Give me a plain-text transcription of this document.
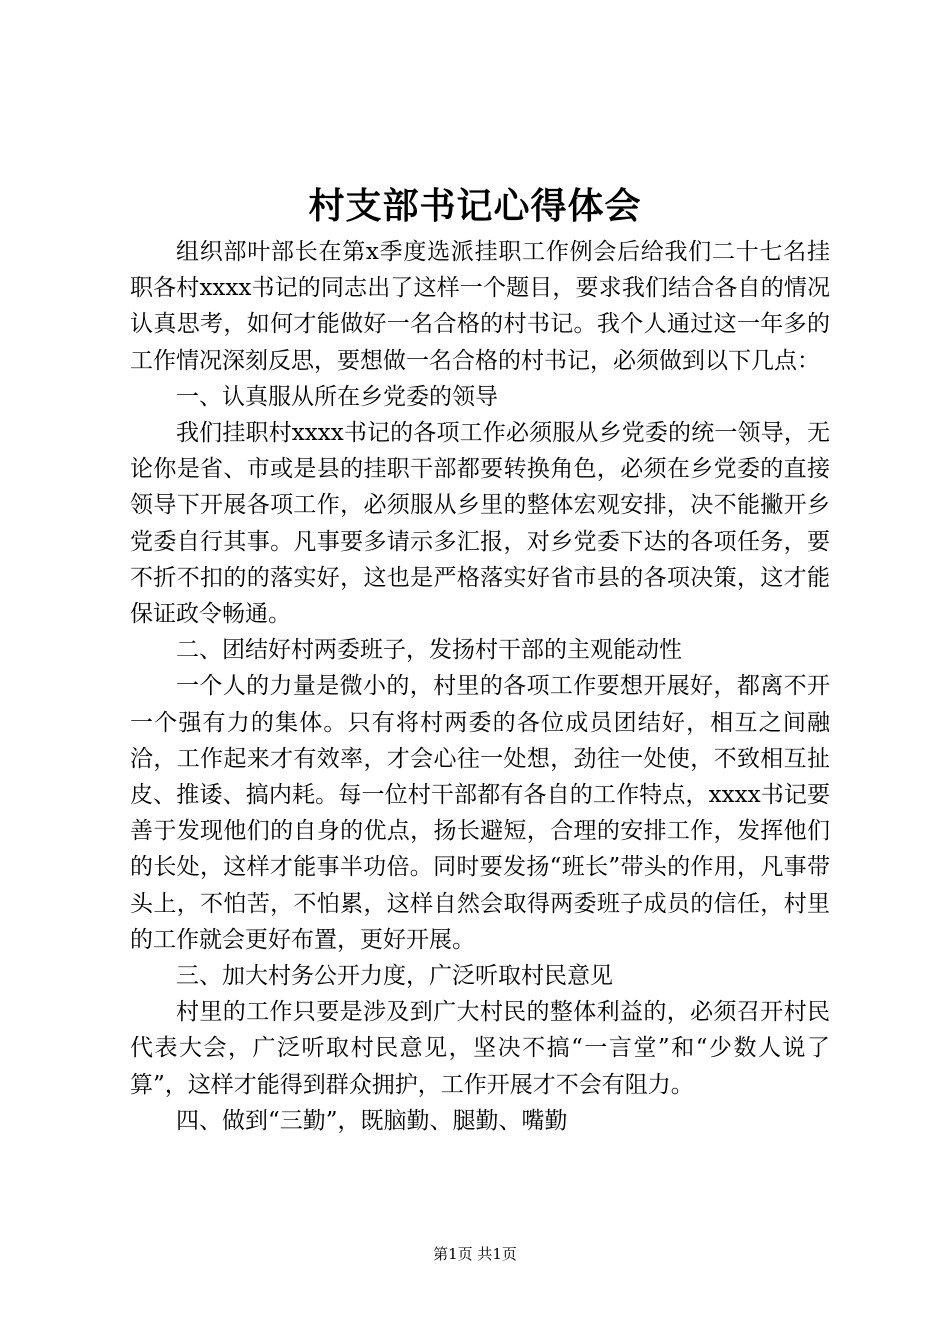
村支部书记心得体会

组织部叶部长在第x季度选派挂职工作例会后给我们二十七名挂职各村xxxx书记的同志出了这样一个题目，要求我们结合各自的情况认真思考，如何才能做好一名合格的村书记。我个人通过这一年多的工作情况深刻反思，要想做一名合格的村书记，必须做到以下几点：

一、认真服从所在乡党委的领导

我们挂职村xxxx书记的各项工作必须服从乡党委的统一领导，无论你是省、市或是县的挂职干部都要转换角色，必须在乡党委的直接领导下开展各项工作，必须服从乡里的整体宏观安排，决不能撇开乡党委自行其事。凡事要多请示多汇报，对乡党委下达的各项任务，要不折不扣的的落实好，这也是严格落实好省市县的各项决策，这才能保证政令畅通。

二、团结好村两委班子，发扬村干部的主观能动性

一个人的力量是微小的，村里的各项工作要想开展好，都离不开一个强有力的集体。只有将村两委的各位成员团结好，相互之间融洽，工作起来才有效率，才会心往一处想，劲往一处使，不致相互扯皮、推诿、搞内耗。每一位村干部都有各自的工作特点，xxxx书记要善于发现他们的自身的优点，扬长避短，合理的安排工作，发挥他们的长处，这样才能事半功倍。同时要发扬“班长”带头的作用，凡事带头上，不怕苦，不怕累，这样自然会取得两委班子成员的信任，村里的工作就会更好布置，更好开展。

三、加大村务公开力度，广泛听取村民意见

村里的工作只要是涉及到广大村民的整体利益的，必须召开村民代表大会，广泛听取村民意见，坚决不搞“一言堂”和“少数人说了算”，这样才能得到群众拥护，工作开展才不会有阻力。

四、做到“三勤”，既脑勤、腿勤、嘴勤

第1页 共1页
